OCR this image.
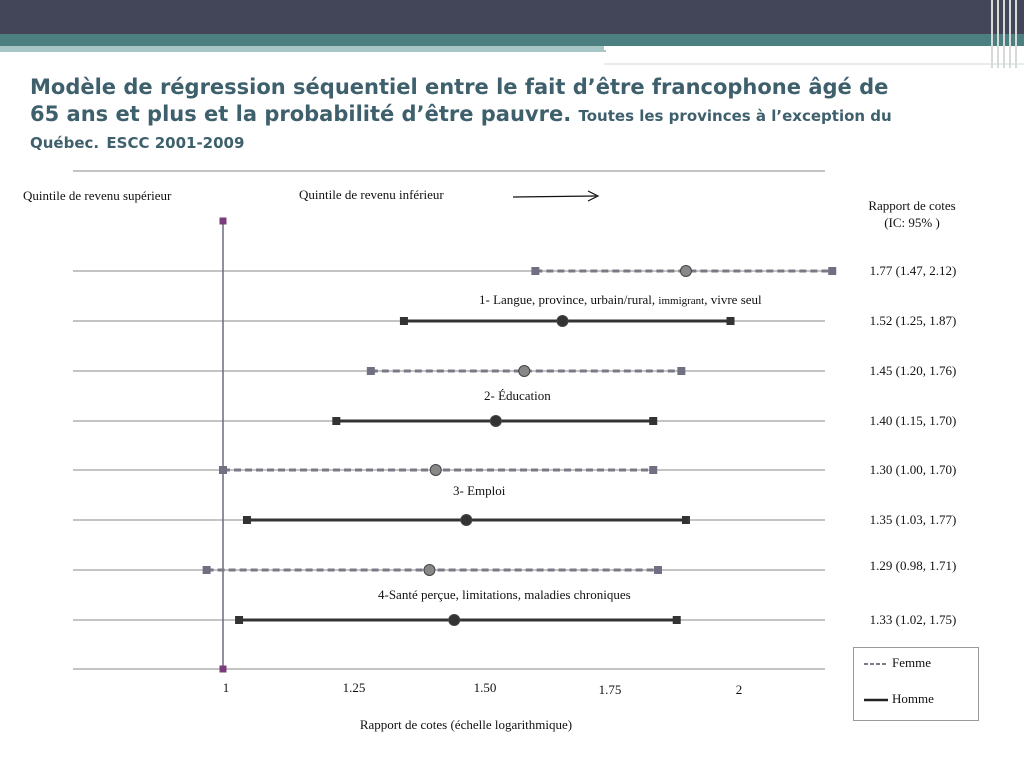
Modèle de régression séquentiel entre le fait d’être francophone âgé de 65 ans et plus et la probabilité d’être pauvre. Toutes les provinces à l’exception du Québec. ESCC 2001-2009
1.77 (1.47, 2.12)
1.52 (1.25, 1.87)
1.45 (1.20, 1.76)
1.40 (1.15, 1.70)
1.30 (1.00, 1.70)
1.35 (1.03, 1.77)
1.29 (0.98, 1.71)
1.33 (1.02, 1.75)
1- Langue, province, urbain/rural, immigrant, vivre seul
2- Éducation
3- Emploi
4-Santé perçue, limitations, maladies chroniques
Quintile de revenu supérieur	Quintile de revenu inférieur
Rapport de cotes
(IC: 95% )
1	1.25	1.50	1.75	2
Rapport de cotes (échelle logarithmique)
Femme
Homme
